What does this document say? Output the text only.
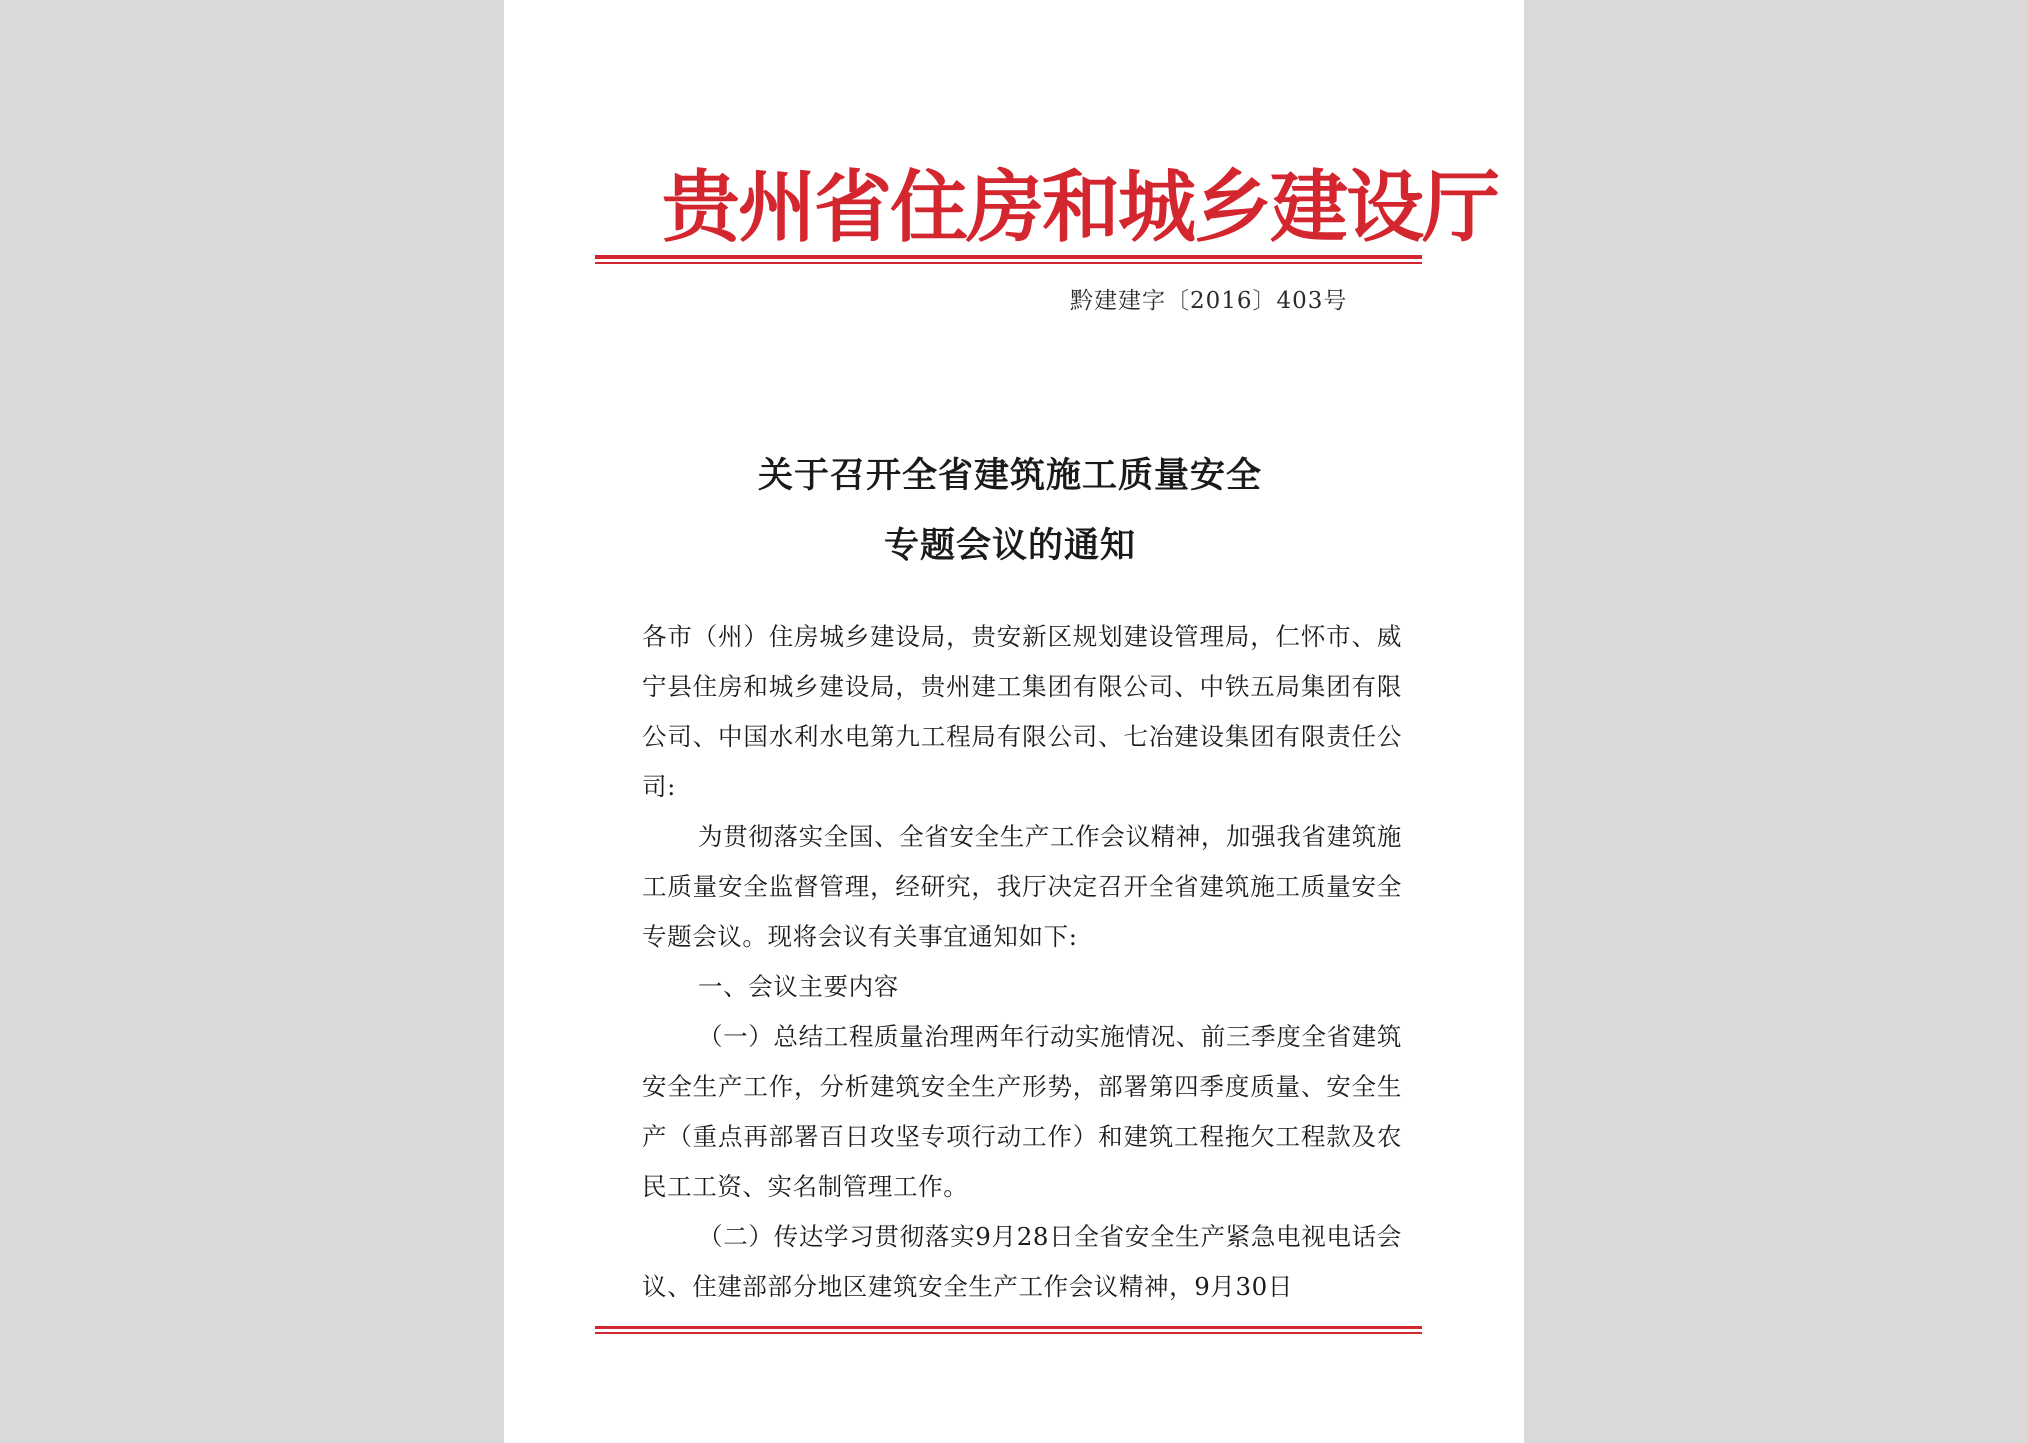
贵州省住房和城乡建设厅
黔建建字〔2016〕403号
关于召开全省建筑施工质量安全
专题会议的通知

各市（州）住房城乡建设局，贵安新区规划建设管理局，仁怀市、威宁县住房和城乡建设局，贵州建工集团有限公司、中铁五局集团有限公司、中国水利水电第九工程局有限公司、七冶建设集团有限责任公司:

为贯彻落实全国、全省安全生产工作会议精神，加强我省建筑施工质量安全监督管理，经研究，我厅决定召开全省建筑施工质量安全专题会议。现将会议有关事宜通知如下:

一、会议主要内容

（一）总结工程质量治理两年行动实施情况、前三季度全省建筑安全生产工作，分析建筑安全生产形势，部署第四季度质量、安全生产（重点再部署百日攻坚专项行动工作）和建筑工程拖欠工程款及农民工工资、实名制管理工作。

（二）传达学习贯彻落实9月28日全省安全生产紧急电视电话会议、住建部部分地区建筑安全生产工作会议精神，9月30日
